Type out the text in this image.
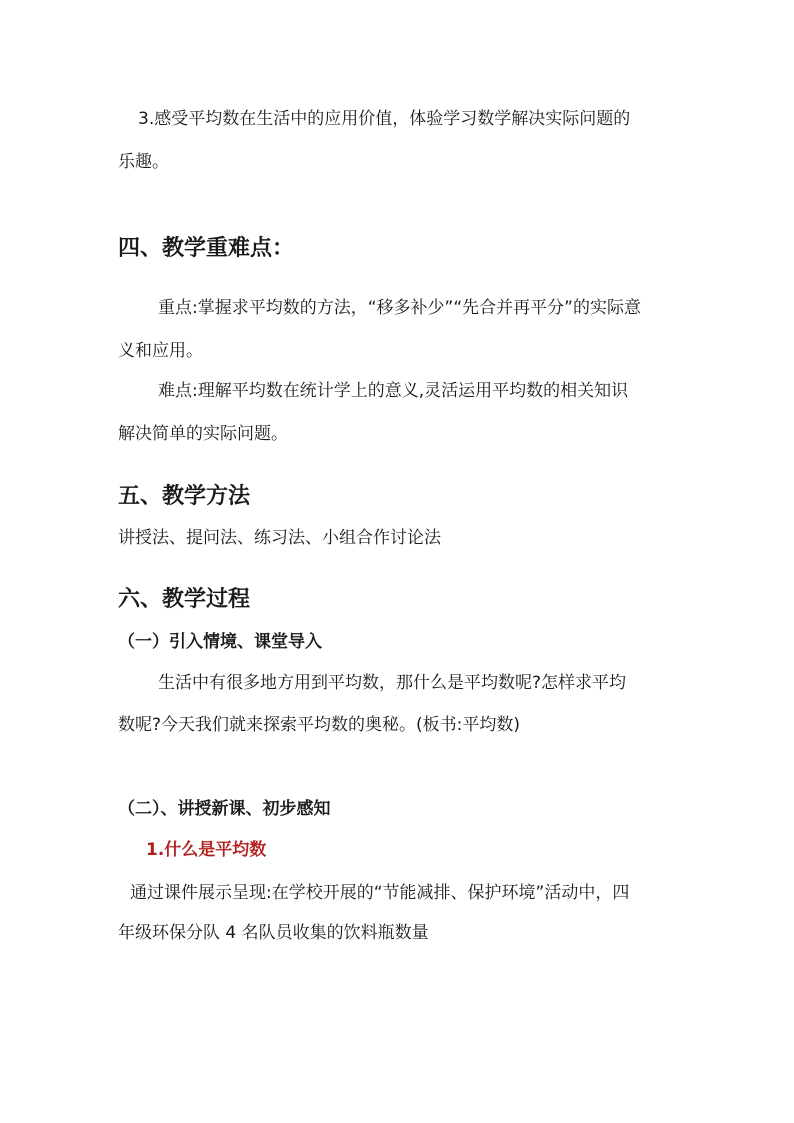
3.感受平均数在生活中的应用价值，体验学习数学解决实际问题的

乐趣。

四、教学重难点：

重点:掌握求平均数的方法，“移多补少”“先合并再平分”的实际意

义和应用。

难点:理解平均数在统计学上的意义,灵活运用平均数的相关知识

解决简单的实际问题。

五、教学方法

讲授法、提问法、练习法、小组合作讨论法

六、教学过程

（一）引入情境、课堂导入

生活中有很多地方用到平均数，那什么是平均数呢?怎样求平均

数呢?今天我们就来探索平均数的奥秘。(板书:平均数)

（二）、讲授新课、初步感知

1.什么是平均数

通过课件展示呈现:在学校开展的“节能减排、保护环境”活动中，四

年级环保分队 4 名队员收集的饮料瓶数量
